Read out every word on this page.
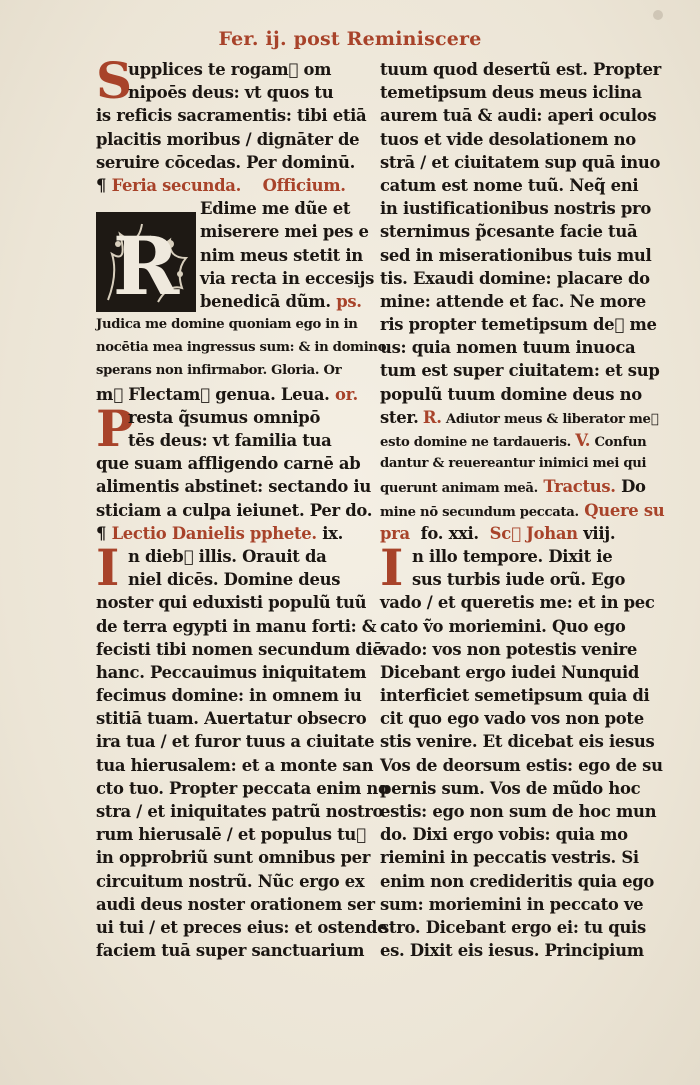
Fer. ij. post Reminiscere
S
upplices te rogam᷒ om
nipoēs deus: vt quos tu
is reficis sacramentis: tibi etiā
placitis moribus / dignāter de
seruire cōcedas. Per dominū.
¶ Feria secunda. Officium.
R
Edime me dũe et
miserere mei pes e
nim meus stetit in
via recta in eccesijs
benedicā dũm. ps.
Judica me domine quoniam ego in in
nocētia mea ingressus sum: & in domino
sperans non infirmabor. Gloria. Or
m᷒ Flectam᷒ genua. Leua. or.
P
resta q̃sumus omnipō
tēs deus: vt familia tua
que suam affligendo carnē ab
alimentis abstinet: sectando iu
sticiam a culpa ieiunet. Per do.
¶ Lectio Danielis pphete. ix.
I n dieb᷒ illis. Orauit da
niel dicēs. Domine deus
noster qui eduxisti populũ tuũ
de terra egypti in manu forti: &
fecisti tibi nomen secundum diē
hanc. Peccauimus iniquitatem
fecimus domine: in omnem iu
stitiā tuam. Auertatur obsecro
ira tua / et furor tuus a ciuitate
tua hierusalem: et a monte san
cto tuo. Propter peccata enim no
stra / et iniquitates patrũ nostro
rum hierusalē / et populus tu᷒
in opprobriũ sunt omnibus per
circuitum nostrũ. Nũc ergo ex
audi deus noster orationem ser
ui tui / et preces eius: et ostende
faciem tuā super sanctuarium
tuum quod desertũ est. Propter
temetipsum deus meus iclina
aurem tuā & audi: aperi oculos
tuos et vide desolationem no
strā / et ciuitatem sup quā inuo
catum est nome tuũ. Neq̃ eni
in iustificationibus nostris pro
sternimus p̃cesante facie tuā
sed in miserationibus tuis mul
tis. Exaudi domine: placare do
mine: attende et fac. Ne more
ris propter temetipsum de᷒ me
us: quia nomen tuum inuoca
tum est super ciuitatem: et sup
populũ tuum domine deus no
ster. R. Adiutor meus & liberator me᷒
esto domine ne tardaueris. V. Confun
dantur & reuereantur inimici mei qui
querunt animam meā. Tractus. Do
mine nō secundum peccata. Quere su
pra fo. xxi. Sc᷒ Johan viij.
I n illo tempore. Dixit ie
sus turbis iude orũ. Ego
vado / et queretis me: et in pec
cato ṽo moriemini. Quo ego
vado: vos non potestis venire
Dicebant ergo iudei Nunquid
interficiet semetipsum quia di
cit quo ego vado vos non pote
stis venire. Et dicebat eis iesus
Vos de deorsum estis: ego de su
pernis sum. Vos de mũdo hoc
estis: ego non sum de hoc mun
do. Dixi ergo vobis: quia mo
riemini in peccatis vestris. Si
enim non credideritis quia ego
sum: moriemini in peccato ve
stro. Dicebant ergo ei: tu quis
es. Dixit eis iesus. Principium
